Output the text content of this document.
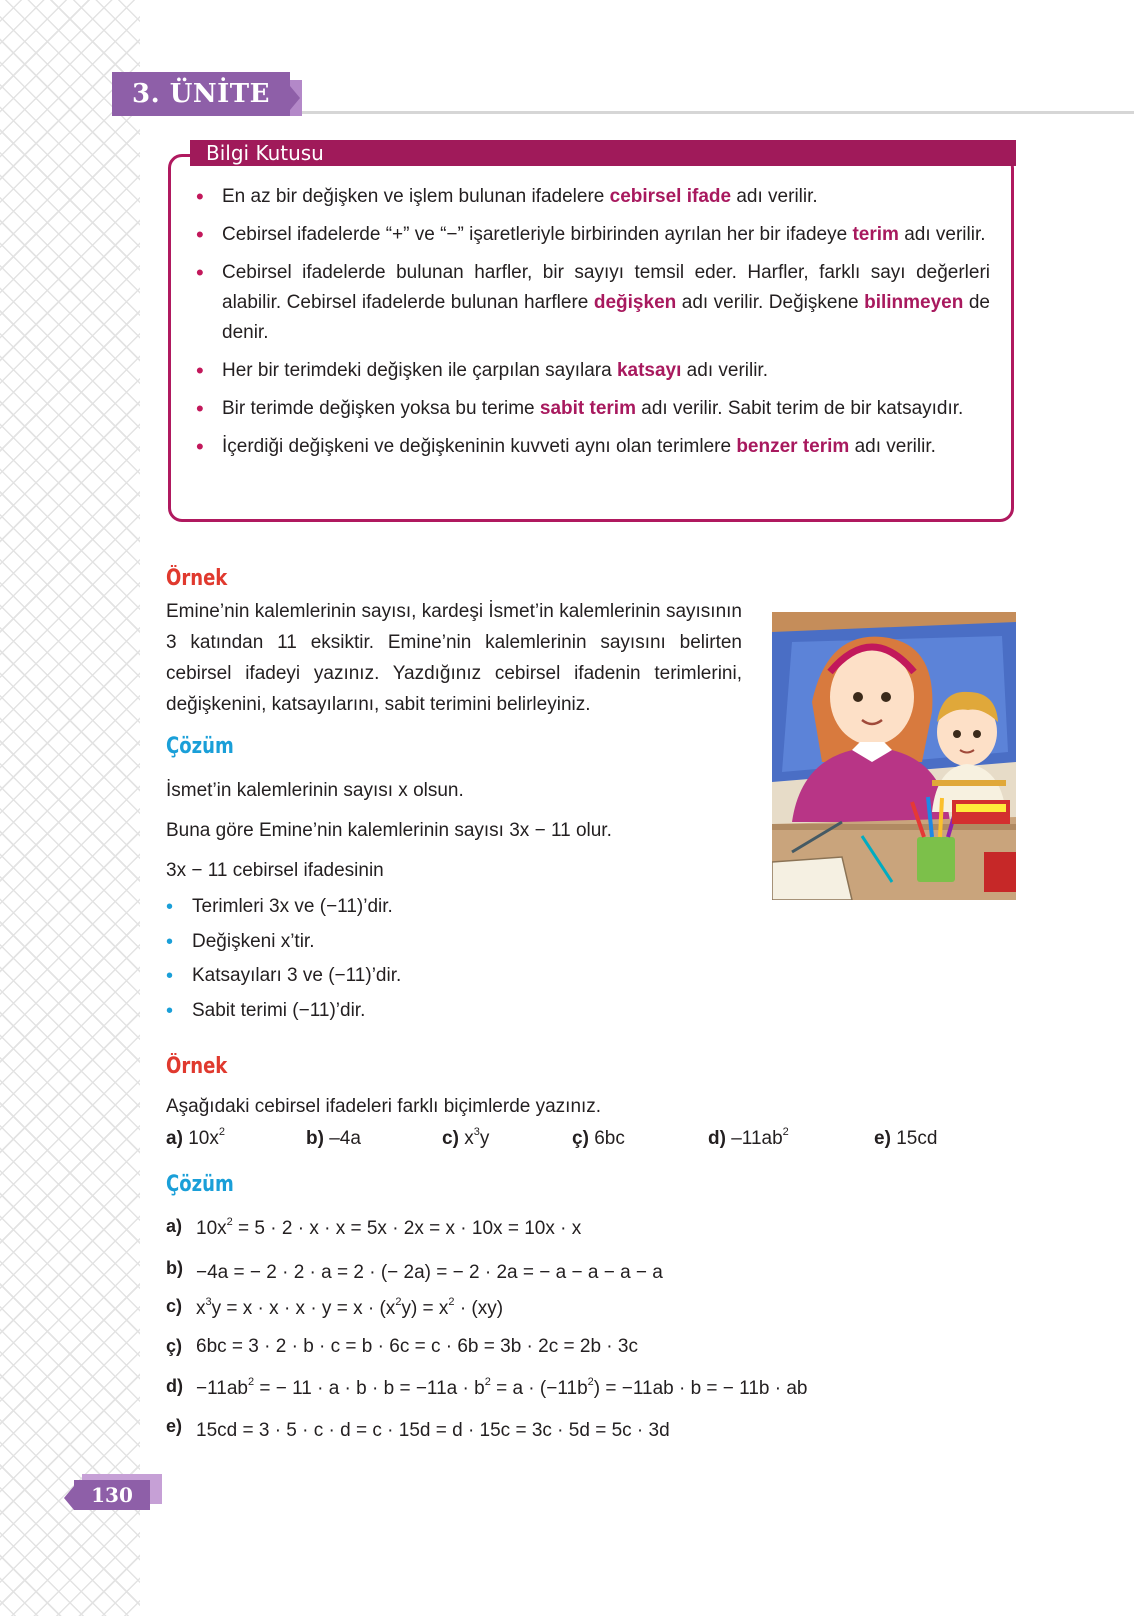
3. ÜNİTE
Bilgi Kutusu
• En az bir değişken ve işlem bulunan ifadelere cebirsel ifade adı verilir.
• Cebirsel ifadelerde “+” ve “−” işaretleriyle birbirinden ayrılan her bir ifadeye terim adı verilir.
• Cebirsel ifadelerde bulunan harfler, bir sayıyı temsil eder. Harfler, farklı sayı değerleri alabilir. Cebirsel ifadelerde bulunan harflere değişken adı verilir. Değişkene bilinmeyen de denir.
• Her bir terimdeki değişken ile çarpılan sayılara katsayı adı verilir.
• Bir terimde değişken yoksa bu terime sabit terim adı verilir. Sabit terim de bir katsayıdır.
• İçerdiği değişkeni ve değişkeninin kuvveti aynı olan terimlere benzer terim adı verilir.
Örnek
Emine’nin kalemlerinin sayısı, kardeşi İsmet’in kalemlerinin sayısının 3 katından 11 eksiktir. Emine’nin kalemlerinin sayısını belirten cebirsel ifadeyi yazınız. Yazdığınız cebirsel ifadenin terimlerini, değişkenini, katsayılarını, sabit terimini belirleyiniz.
Çözüm
İsmet’in kalemlerinin sayısı x olsun.
Buna göre Emine’nin kalemlerinin sayısı 3x − 11 olur.
3x − 11 cebirsel ifadesinin
• Terimleri 3x ve (−11)’dir.
• Değişkeni x’tir.
• Katsayıları 3 ve (−11)’dir.
• Sabit terimi (−11)’dir.
Örnek
Aşağıdaki cebirsel ifadeleri farklı biçimlerde yazınız.
a) $10x^2$	b) –4a	c) $x^3y$	ç) 6bc	d) $-11ab^2$	e) 15cd
Çözüm
a) $10x^2 = 5 \cdot 2 \cdot x \cdot x = 5x \cdot 2x = x \cdot 10x = 10x \cdot x$
b) −4a = − 2 · 2 · a = 2 · (− 2a) = − 2 · 2a = − a − a − a − a
c) $x^3y = x \cdot x \cdot x \cdot y = x \cdot (x^2y) = x^2 \cdot (xy)$
ç) 6bc = 3 · 2 · b · c = b · 6c = c · 6b = 3b · 2c = 2b · 3c
$d) -11ab^2$ = − $11 \cdot a \cdot b \cdot b = -11a \cdot b^2 = a \cdot (-11b^2) = -11ab \cdot b$ = − 11b · ab
e) 15cd = 3 · 5 · c · d = c · 15d = d · 15c = 3c · 5d = 5c · 3d
130
